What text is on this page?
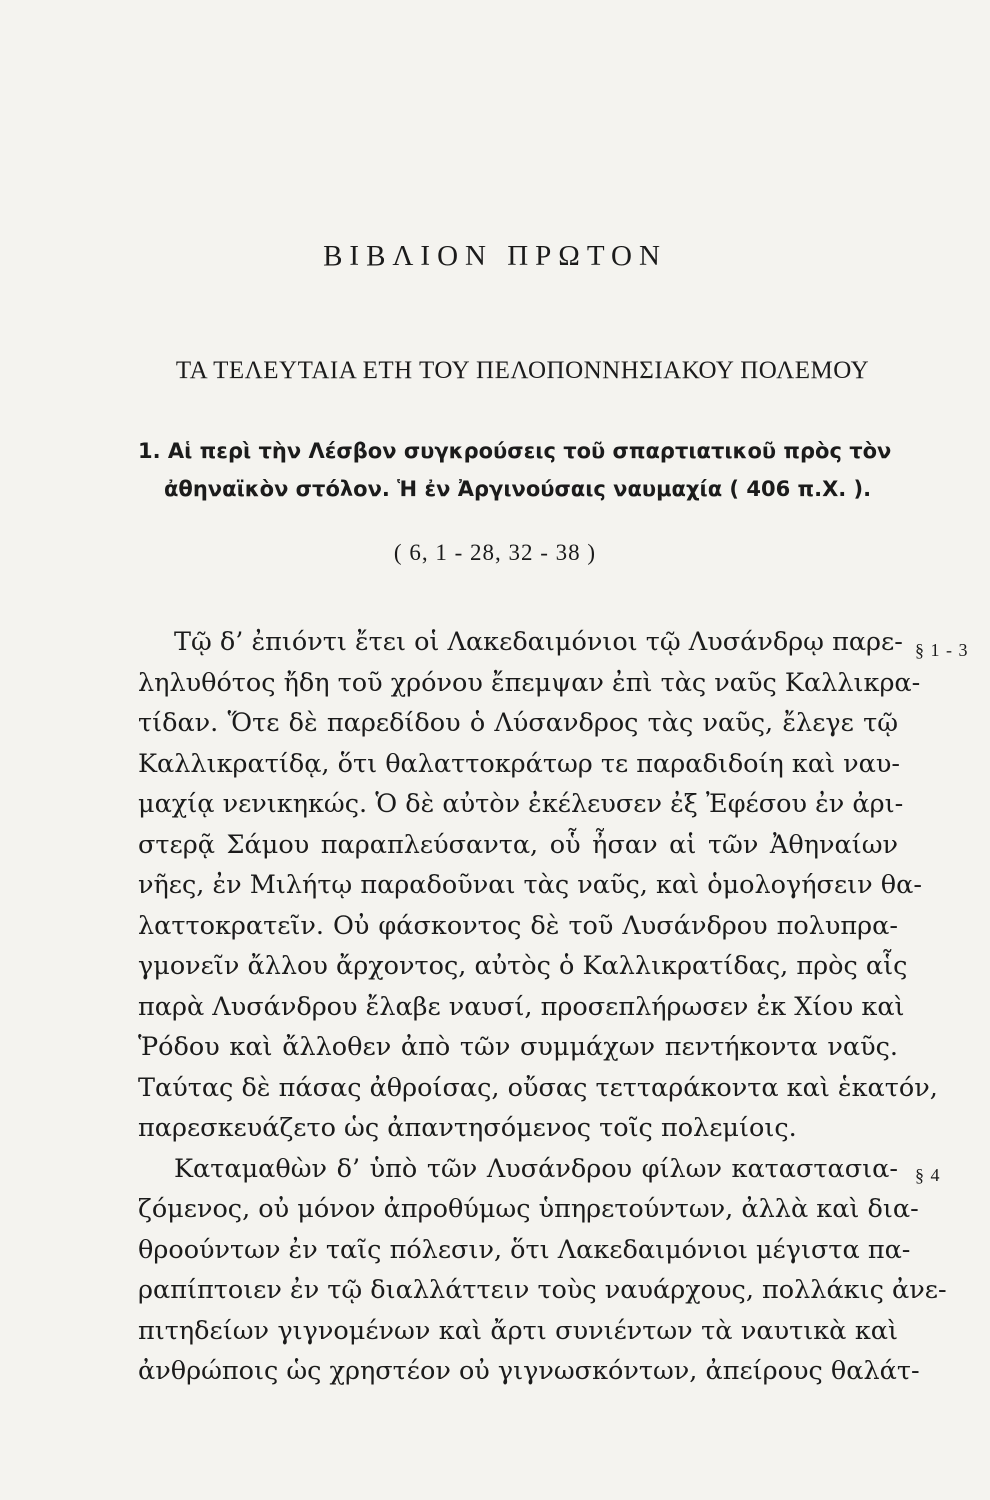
ΒΙΒΛΙΟΝ ΠΡΩΤΟΝ
ΤΑ ΤΕΛΕΥΤΑΙΑ ΕΤΗ ΤΟΥ ΠΕΛΟΠΟΝΝΗΣΙΑΚΟΥ ΠΟΛΕΜΟΥ
1. Αἱ περὶ τὴν Λέσβον συγκρούσεις τοῦ σπαρτιατικοῦ πρὸς τὸν
ἀθηναϊκὸν στόλον. Ἡ ἐν Ἀργινούσαις ναυμαχία ( 406 π.Χ. ).
( 6, 1 - 28, 32 - 38 )
Τῷ δ’ ἐπιόντι ἔτει οἱ Λακεδαιμόνιοι τῷ Λυσάνδρῳ παρε-
ληλυθότος ἤδη τοῦ χρόνου ἔπεμψαν ἐπὶ τὰς ναῦς Καλλικρα-
τίδαν. Ὅτε δὲ παρεδίδου ὁ Λύσανδρος τὰς ναῦς, ἔλεγε τῷ
Καλλικρατίδᾳ, ὅτι θαλαττοκράτωρ τε παραδιδοίη καὶ ναυ-
μαχίᾳ νενικηκώς. Ὁ δὲ αὐτὸν ἐκέλευσεν ἐξ Ἐφέσου ἐν ἀρι-
στερᾷ Σάμου παραπλεύσαντα, οὗ ἦσαν αἱ τῶν Ἀθηναίων
νῆες, ἐν Μιλήτῳ παραδοῦναι τὰς ναῦς, καὶ ὁμολογήσειν θα-
λαττοκρατεῖν. Οὐ φάσκοντος δὲ τοῦ Λυσάνδρου πολυπρα-
γμονεῖν ἄλλου ἄρχοντος, αὐτὸς ὁ Καλλικρατίδας, πρὸς αἷς
παρὰ Λυσάνδρου ἔλαβε ναυσί, προσεπλήρωσεν ἐκ Χίου καὶ
Ῥόδου καὶ ἄλλοθεν ἀπὸ τῶν συμμάχων πεντήκοντα ναῦς.
Ταύτας δὲ πάσας ἀθροίσας, οὔσας τετταράκοντα καὶ ἑκατόν,
παρεσκευάζετο ὡς ἀπαντησόμενος τοῖς πολεμίοις.
Καταμαθὼν δ’ ὑπὸ τῶν Λυσάνδρου φίλων καταστασια-
ζόμενος, οὐ μόνον ἀπροθύμως ὑπηρετούντων, ἀλλὰ καὶ δια-
θροούντων ἐν ταῖς πόλεσιν, ὅτι Λακεδαιμόνιοι μέγιστα πα-
ραπίπτοιεν ἐν τῷ διαλλάττειν τοὺς ναυάρχους, πολλάκις ἀνε-
πιτηδείων γιγνομένων καὶ ἄρτι συνιέντων τὰ ναυτικὰ καὶ
ἀνθρώποις ὡς χρηστέον οὐ γιγνωσκόντων, ἀπείρους θαλάτ-
§ 1 - 3
§ 4
